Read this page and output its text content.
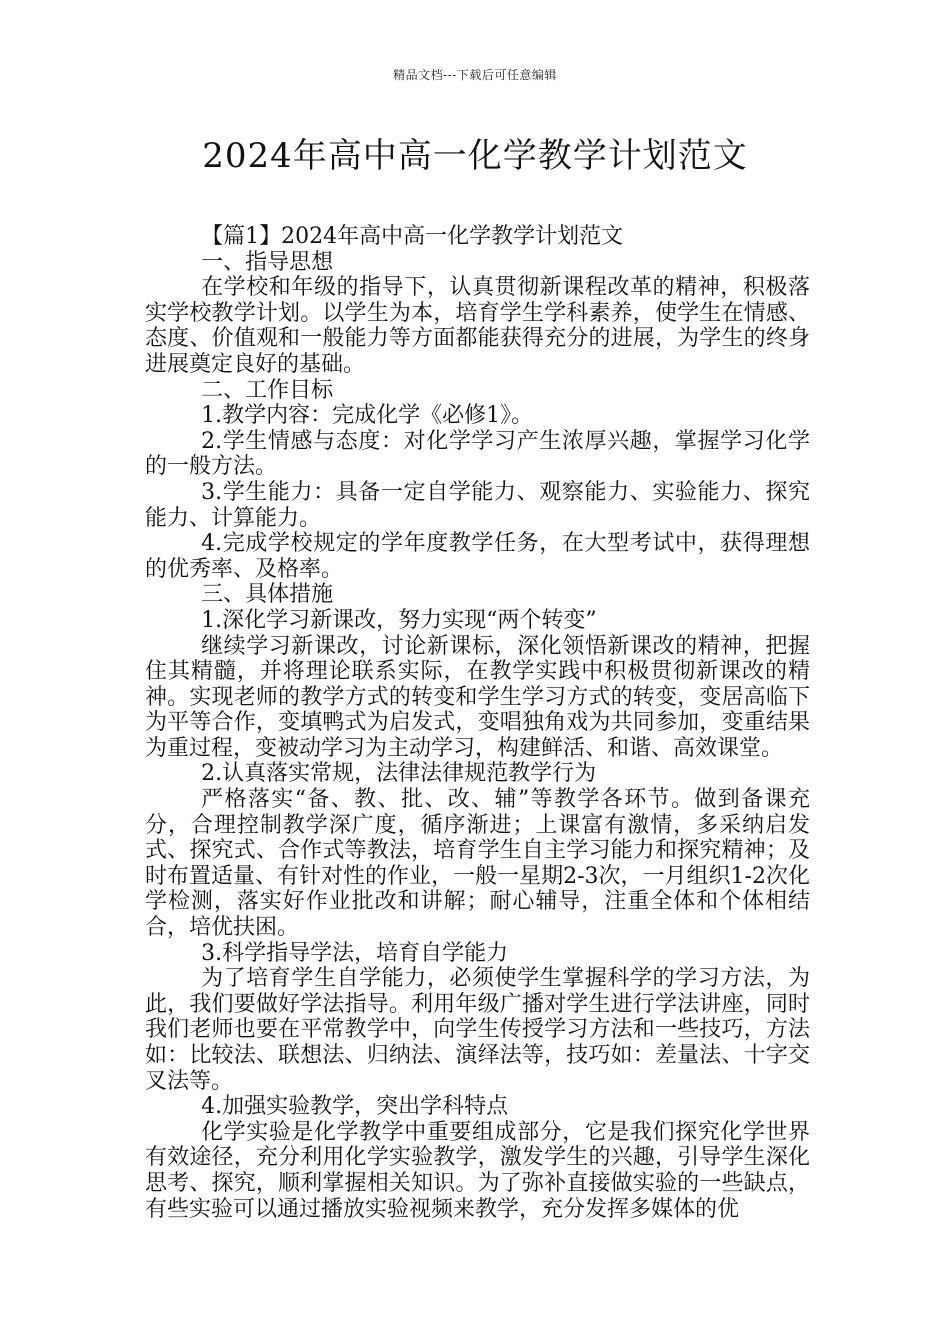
精品文档---下载后可任意编辑
2024年高中高一化学教学计划范文

【篇1】2024年高中高一化学教学计划范文

一、指导思想

在学校和年级的指导下，认真贯彻新课程改革的精神，积极落实学校教学计划。以学生为本，培育学生学科素养，使学生在情感、态度、价值观和一般能力等方面都能获得充分的进展，为学生的终身进展奠定良好的基础。

二、工作目标

1.教学内容：完成化学《必修1》。

2.学生情感与态度：对化学学习产生浓厚兴趣，掌握学习化学的一般方法。

3.学生能力：具备一定自学能力、观察能力、实验能力、探究能力、计算能力。

4.完成学校规定的学年度教学任务，在大型考试中，获得理想的优秀率、及格率。

三、具体措施

1.深化学习新课改，努力实现“两个转变”

继续学习新课改，讨论新课标，深化领悟新课改的精神，把握住其精髓，并将理论联系实际，在教学实践中积极贯彻新课改的精神。实现老师的教学方式的转变和学生学习方式的转变，变居高临下为平等合作，变填鸭式为启发式，变唱独角戏为共同参加，变重结果为重过程，变被动学习为主动学习，构建鲜活、和谐、高效课堂。

2.认真落实常规，法律法律规范教学行为

严格落实“备、教、批、改、辅”等教学各环节。做到备课充分，合理控制教学深广度，循序渐进；上课富有激情，多采纳启发式、探究式、合作式等教法，培育学生自主学习能力和探究精神；及时布置适量、有针对性的作业，一般一星期2-3次，一月组织1-2次化学检测，落实好作业批改和讲解；耐心辅导，注重全体和个体相结合，培优扶困。

3.科学指导学法，培育自学能力

为了培育学生自学能力，必须使学生掌握科学的学习方法，为此，我们要做好学法指导。利用年级广播对学生进行学法讲座，同时我们老师也要在平常教学中，向学生传授学习方法和一些技巧，方法如：比较法、联想法、归纳法、演绎法等，技巧如：差量法、十字交叉法等。

4.加强实验教学，突出学科特点

化学实验是化学教学中重要组成部分，它是我们探究化学世界有效途径，充分利用化学实验教学，激发学生的兴趣，引导学生深化思考、探究，顺利掌握相关知识。为了弥补直接做实验的一些缺点，有些实验可以通过播放实验视频来教学，充分发挥多媒体的优
